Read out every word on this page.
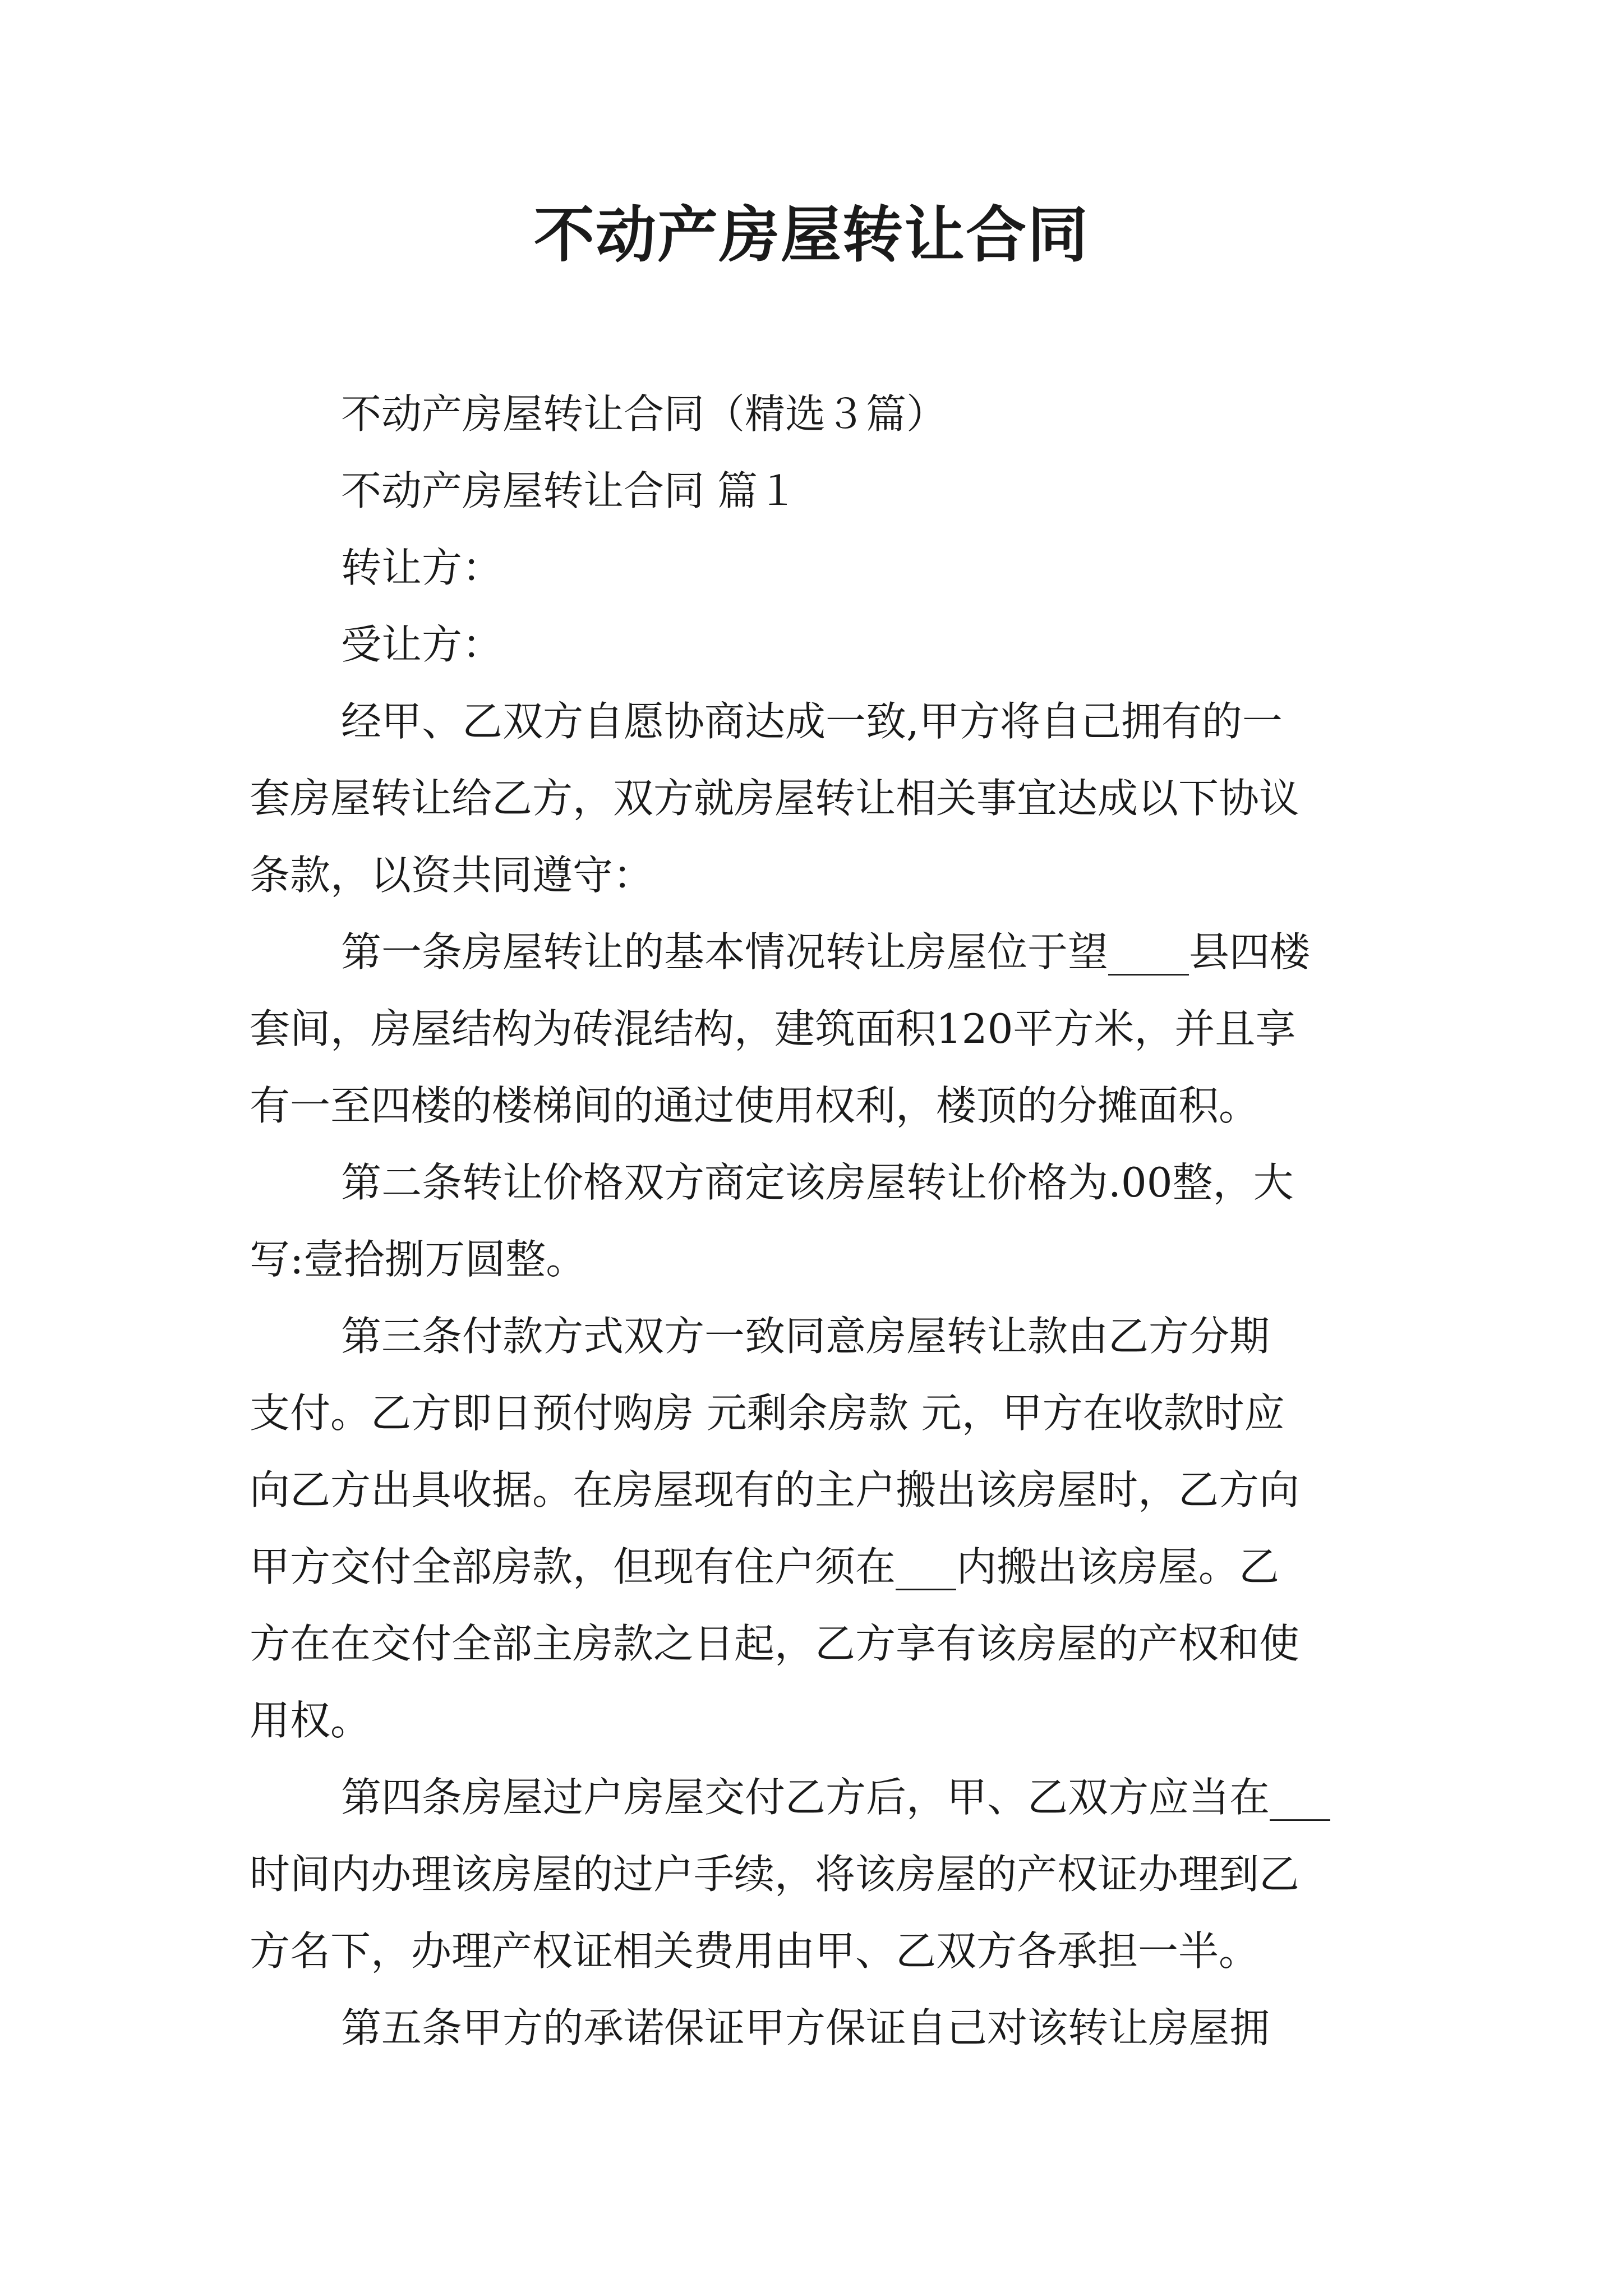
不动产房屋转让合同
不动产房屋转让合同（精选３篇）
不动产房屋转让合同 篇１
转让方：
受让方：
经甲、乙双方自愿协商达成一致,甲方将自己拥有的一
套房屋转让给乙方，双方就房屋转让相关事宜达成以下协议
条款，以资共同遵守：
第一条房屋转让的基本情况转让房屋位于望____县四楼
套间，房屋结构为砖混结构，建筑面积120平方米，并且享
有一至四楼的楼梯间的通过使用权利，楼顶的分摊面积。
第二条转让价格双方商定该房屋转让价格为.00整，大
写:壹拾捌万圆整。
第三条付款方式双方一致同意房屋转让款由乙方分期
支付。乙方即日预付购房 元剩余房款 元，甲方在收款时应
向乙方出具收据。在房屋现有的主户搬出该房屋时，乙方向
甲方交付全部房款，但现有住户须在___内搬出该房屋。乙
方在在交付全部主房款之日起，乙方享有该房屋的产权和使
用权。
第四条房屋过户房屋交付乙方后，甲、乙双方应当在___
时间内办理该房屋的过户手续，将该房屋的产权证办理到乙
方名下，办理产权证相关费用由甲、乙双方各承担一半。
第五条甲方的承诺保证甲方保证自己对该转让房屋拥
